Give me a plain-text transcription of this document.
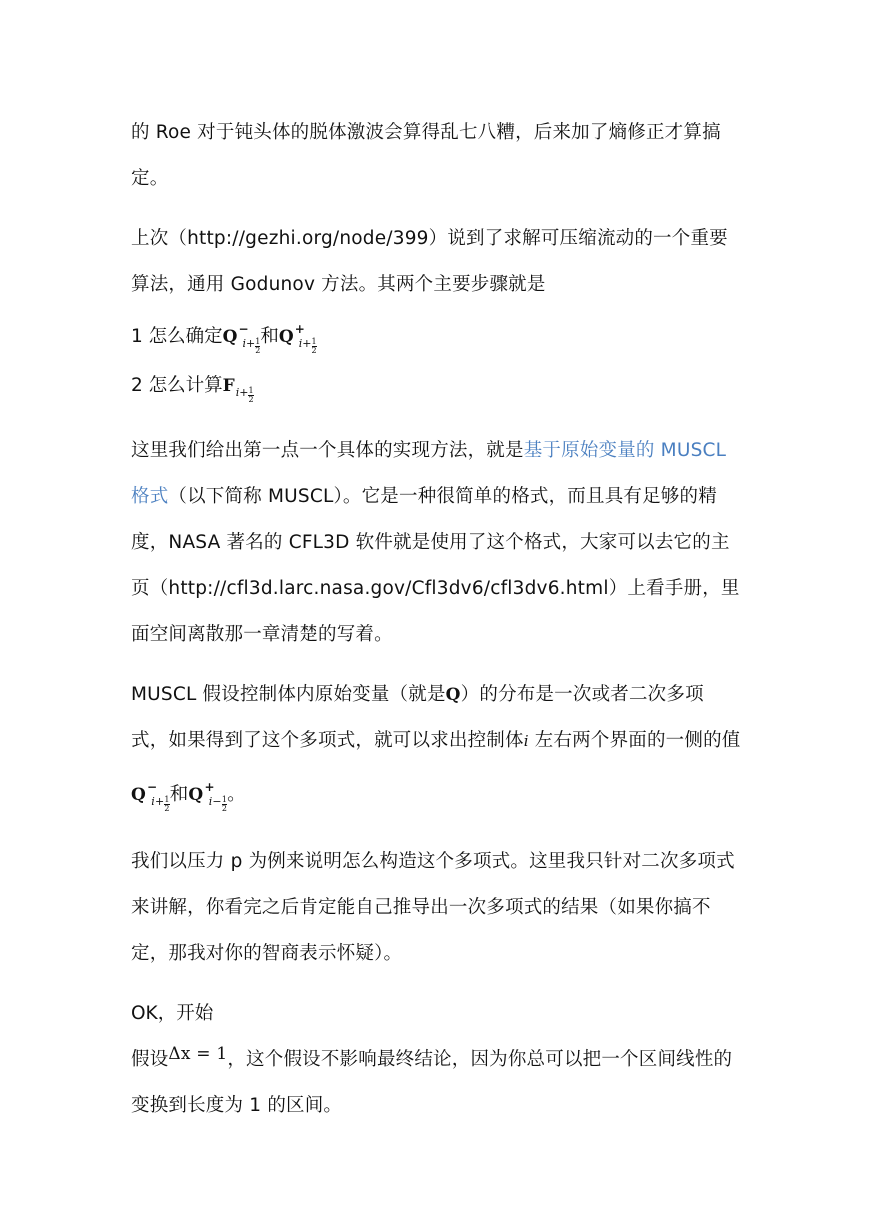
的 Roe 对于钝头体的脱体激波会算得乱七八糟，后来加了熵修正才算搞
定。

上次（http://gezhi.org/node/399）说到了求解可压缩流动的一个重要算法，通用 Godunov 方法。其两个主要步骤就是

1 怎么确定$Q^-_{i+ \frac{1}{2}}$ 和$Q^+_{i+ \frac{1}{2}}$

2 怎么计算$F_{i+ \frac{1}{2}}$

这里我们给出第一点一个具体的实现方法，就是基于原始变量的 MUSCL 格式（以下简称 MUSCL）。它是一种很简单的格式，而且具有足够的精度，NASA 著名的 CFL3D 软件就是使用了这个格式，大家可以去它的主页（http://cfl3d.larc.nasa.gov/Cfl3dv6/cfl3dv6.html）上看手册，里面空间离散那一章清楚的写着。

MUSCL 假设控制体内原始变量（就是Q）的分布是一次或者二次多项式，如果得到了这个多项式，就可以求出控制体i 左右两个界面的一侧的值
$Q^-_{i+ \frac{1}{2}}$ 和$Q^+_{i- \frac{1}{2}}$ 。

我们以压力 p 为例来说明怎么构造这个多项式。这里我只针对二次多项式来讲解，你看完之后肯定能自己推导出一次多项式的结果（如果你搞不定，那我对你的智商表示怀疑）。

OK，开始

假设Δx = 1，这个假设不影响最终结论，因为你总可以把一个区间线性的变换到长度为 1 的区间。
